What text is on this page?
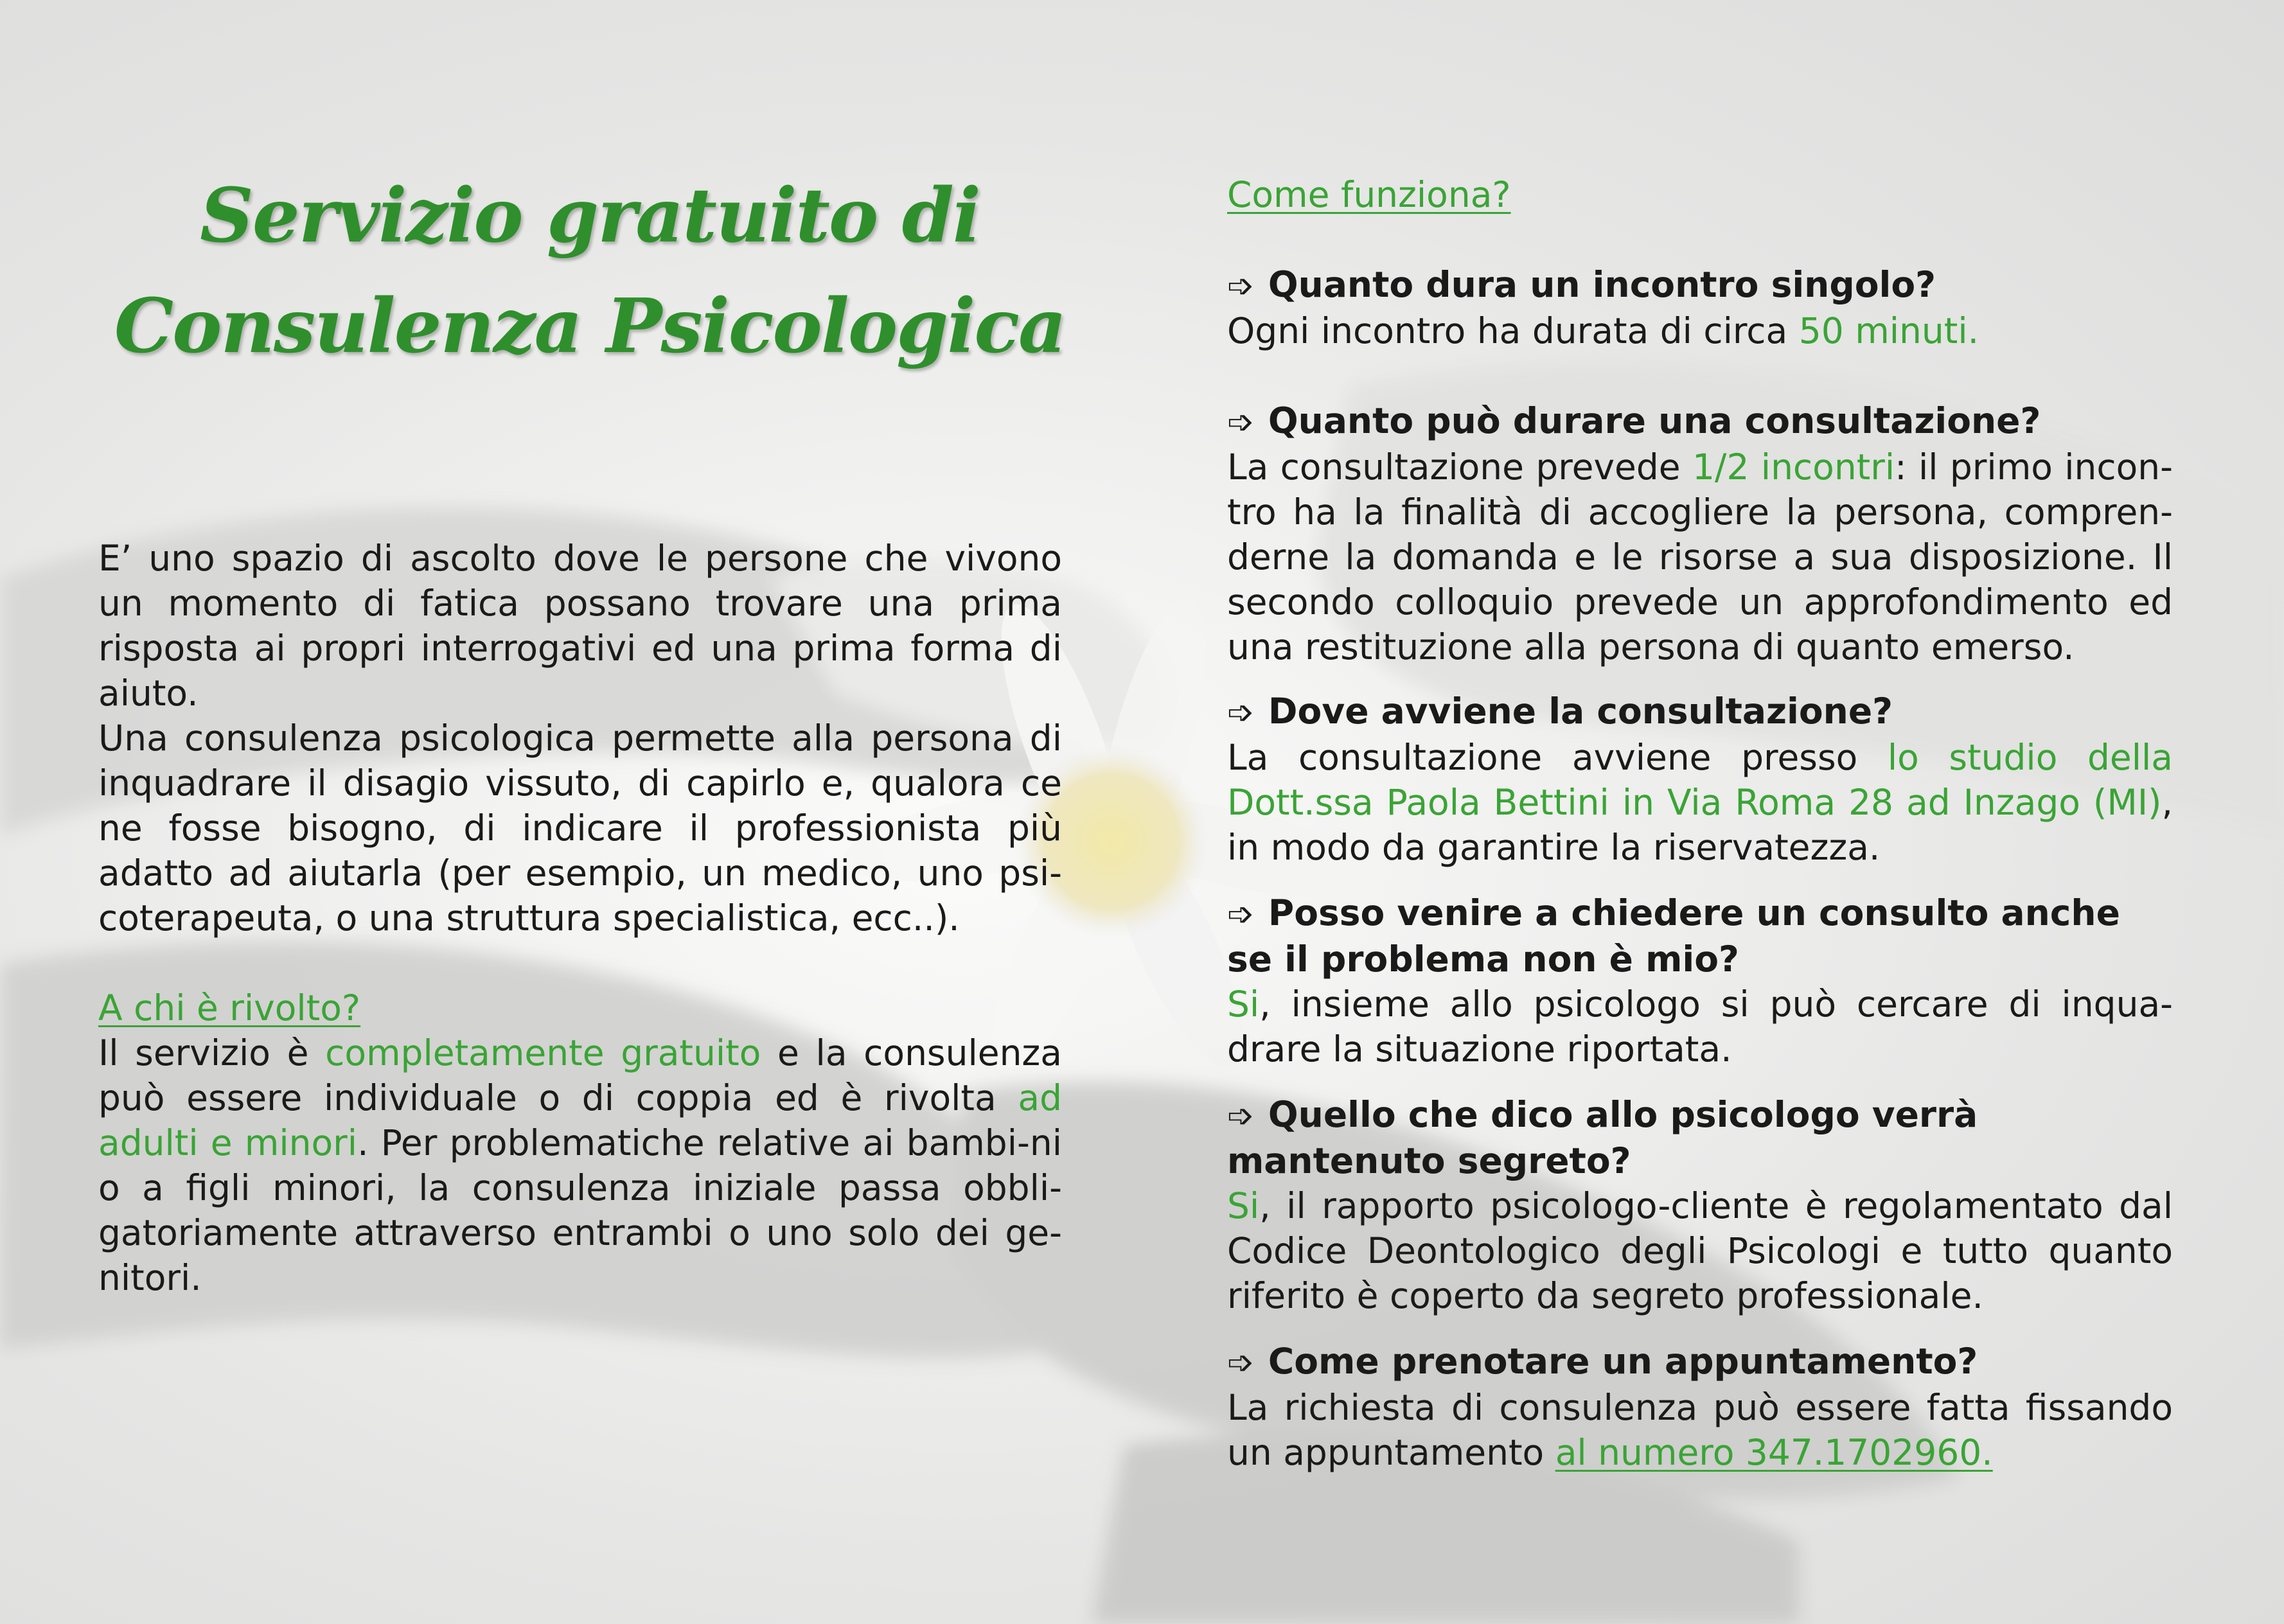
Servizio gratuito di
Consulenza Psicologica

E’ uno spazio di ascolto dove le persone che vivono un momento di fatica possano trovare una prima risposta ai propri interrogativi ed una prima forma di aiuto.

Una consulenza psicologica permette alla persona di inquadrare il disagio vissuto, di capirlo e, qualora ce ne fosse bisogno, di indicare il professionista più adatto ad aiutarla (per esempio, un medico, uno psi-coterapeuta, o una struttura specialistica, ecc..).

A chi è rivolto?

Il servizio è completamente gratuito e la consulenza può essere individuale o di coppia ed è rivolta ad adulti e minori. Per problematiche relative ai bambi-ni o a figli minori, la consulenza iniziale passa obbli-gatoriamente attraverso entrambi o uno solo dei ge-nitori.

Come funziona?

➩ Quanto dura un incontro singolo?

Ogni incontro ha durata di circa 50 minuti.

➩ Quanto può durare una consultazione?

La consultazione prevede 1/2 incontri: il primo incon-tro ha la finalità di accogliere la persona, compren-derne la domanda e le risorse a sua disposizione. Il secondo colloquio prevede un approfondimento ed una restituzione alla persona di quanto emerso.

➩ Dove avviene la consultazione?

La consultazione avviene presso lo studio della Dott.ssa Paola Bettini in Via Roma 28 ad Inzago (MI), in modo da garantire la riservatezza.

➩ Posso venire a chiedere un consulto anche se il problema non è mio?

Si, insieme allo psicologo si può cercare di inqua-drare la situazione riportata.

➩ Quello che dico allo psicologo verrà mantenuto segreto?

Si, il rapporto psicologo-cliente è regolamentato dal Codice Deontologico degli Psicologi e tutto quanto riferito è coperto da segreto professionale.

➩ Come prenotare un appuntamento?

La richiesta di consulenza può essere fatta fissando un appuntamento al numero 347.1702960.
